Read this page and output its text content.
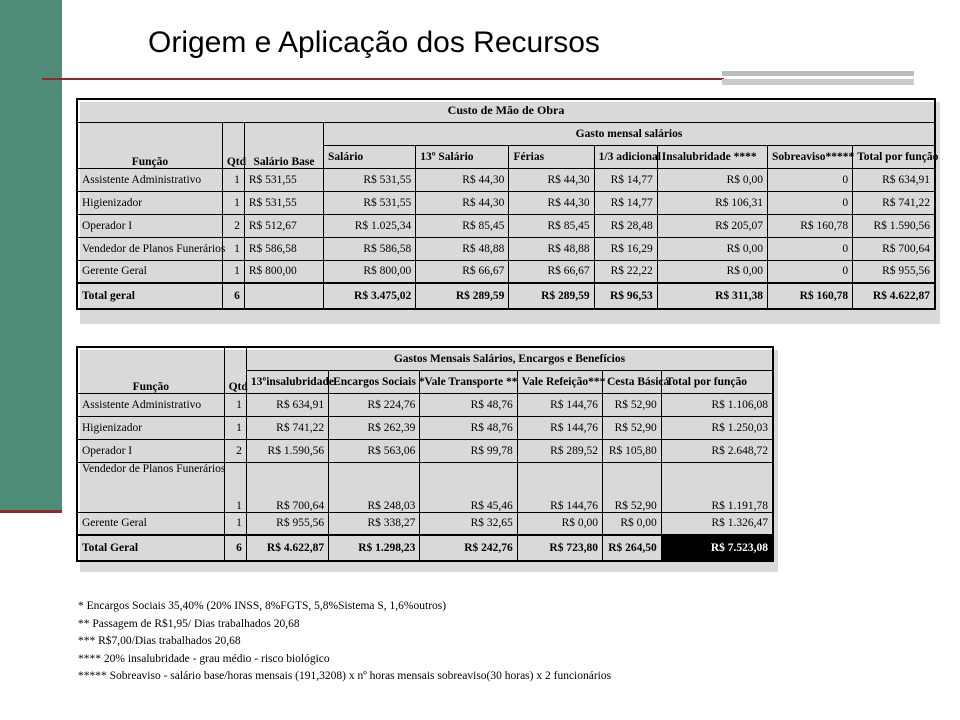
Origem e Aplicação dos Recursos
Custo de Mão de Obra									
Função	Qtd	Salário Base	Gasto mensal salários						
			Salário	13º Salário	Férias	1/3 adicional	Insalubridade ****	Sobreaviso*****	Total por função
Assistente Administrativo	1	R$ 531,55	R$ 531,55	R$ 44,30	R$ 44,30	R$ 14,77	R$ 0,00	0	R$ 634,91
Higienizador	1	R$ 531,55	R$ 531,55	R$ 44,30	R$ 44,30	R$ 14,77	R$ 106,31	0	R$ 741,22
Operador I	2	R$ 512,67	R$ 1.025,34	R$ 85,45	R$ 85,45	R$ 28,48	R$ 205,07	R$ 160,78	R$ 1.590,56
Vendedor de Planos Funerários	1	R$ 586,58	R$ 586,58	R$ 48,88	R$ 48,88	R$ 16,29	R$ 0,00	0	R$ 700,64
Gerente Geral	1	R$ 800,00	R$ 800,00	R$ 66,67	R$ 66,67	R$ 22,22	R$ 0,00	0	R$ 955,56
Total geral	6		R$ 3.475,02	R$ 289,59	R$ 289,59	R$ 96,53	R$ 311,38	R$ 160,78	R$ 4.622,87
Função	Qtd	Gastos Mensais Salários, Encargos e Benefícios					
		13ºinsalubridade	Encargos Sociais *	Vale Transporte **	Vale Refeição***	Cesta Básica	Total por função
Assistente Administrativo	1	R$ 634,91	R$ 224,76	R$ 48,76	R$ 144,76	R$ 52,90	R$ 1.106,08
Higienizador	1	R$ 741,22	R$ 262,39	R$ 48,76	R$ 144,76	R$ 52,90	R$ 1.250,03
Operador I	2	R$ 1.590,56	R$ 563,06	R$ 99,78	R$ 289,52	R$ 105,80	R$ 2.648,72
Vendedor de Planos Funerários	1	R$ 700,64	R$ 248,03	R$ 45,46	R$ 144,76	R$ 52,90	R$ 1.191,78
Gerente Geral	1	R$ 955,56	R$ 338,27	R$ 32,65	R$ 0,00	R$ 0,00	R$ 1.326,47
Total Geral	6	R$ 4.622,87	R$ 1.298,23	R$ 242,76	R$ 723,80	R$ 264,50	R$ 7.523,08
* Encargos Sociais 35,40% (20% INSS, 8%FGTS, 5,8%Sistema S, 1,6%outros)
** Passagem de R$1,95/ Dias trabalhados 20,68
*** R$7,00/Dias trabalhados 20,68
**** 20% insalubridade - grau médio - risco biológico
***** Sobreaviso - salário base/horas mensais (191,3208) x nº horas mensais sobreaviso(30 horas) x 2 funcionários
